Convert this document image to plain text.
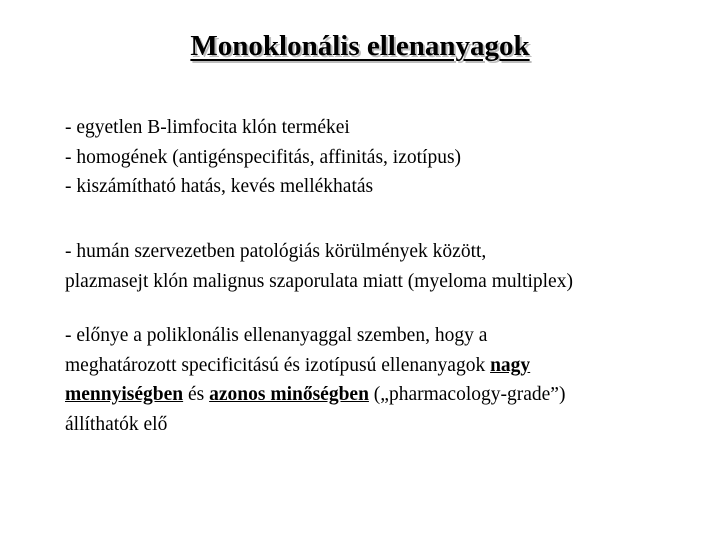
Monoklonális ellenanyagok
- egyetlen B-limfocita klón termékei
- homogének (antigénspecifitás, affinitás, izotípus)
- kiszámítható hatás, kevés mellékhatás
- humán szervezetben patológiás körülmények között,
plazmasejt klón malignus szaporulata miatt (myeloma multiplex)
- előnye a poliklonális ellenanyaggal szemben, hogy a
meghatározott specificitású és izotípusú ellenanyagok nagy
mennyiségben és azonos minőségben („pharmacology-grade”)
állíthatók elő
